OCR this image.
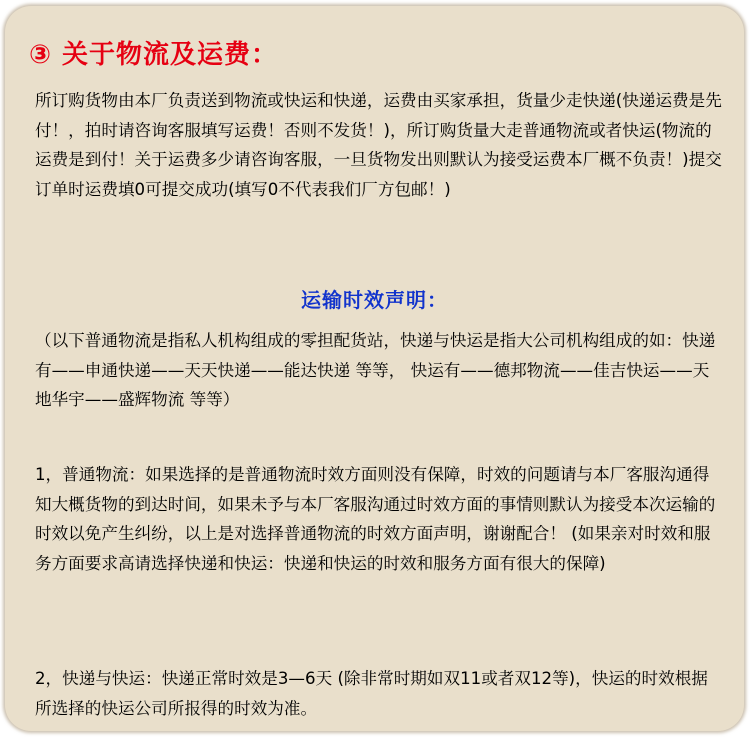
③ 关于物流及运费：

所订购货物由本厂负责送到物流或快运和快递，运费由买家承担，货量少走快递(快递运费是先付！，拍时请咨询客服填写运费！否则不发货！)，所订购货量大走普通物流或者快运(物流的运费是到付！关于运费多少请咨询客服，一旦货物发出则默认为接受运费本厂概不负责！)提交订单时运费填0可提交成功(填写0不代表我们厂方包邮！)

运输时效声明：

（以下普通物流是指私人机构组成的零担配货站，快递与快运是指大公司机构组成的如：快递有——申通快递——天天快递——能达快递 等等， 快运有——德邦物流——佳吉快运——天地华宇——盛辉物流 等等）

1，普通物流：如果选择的是普通物流时效方面则没有保障，时效的问题请与本厂客服沟通得知大概货物的到达时间，如果未予与本厂客服沟通过时效方面的事情则默认为接受本次运输的时效以免产生纠纷，以上是对选择普通物流的时效方面声明，谢谢配合！ (如果亲对时效和服务方面要求高请选择快递和快运：快递和快运的时效和服务方面有很大的保障)

2，快递与快运：快递正常时效是3—6天 (除非常时期如双11或者双12等)，快运的时效根据所选择的快运公司所报得的时效为准。
